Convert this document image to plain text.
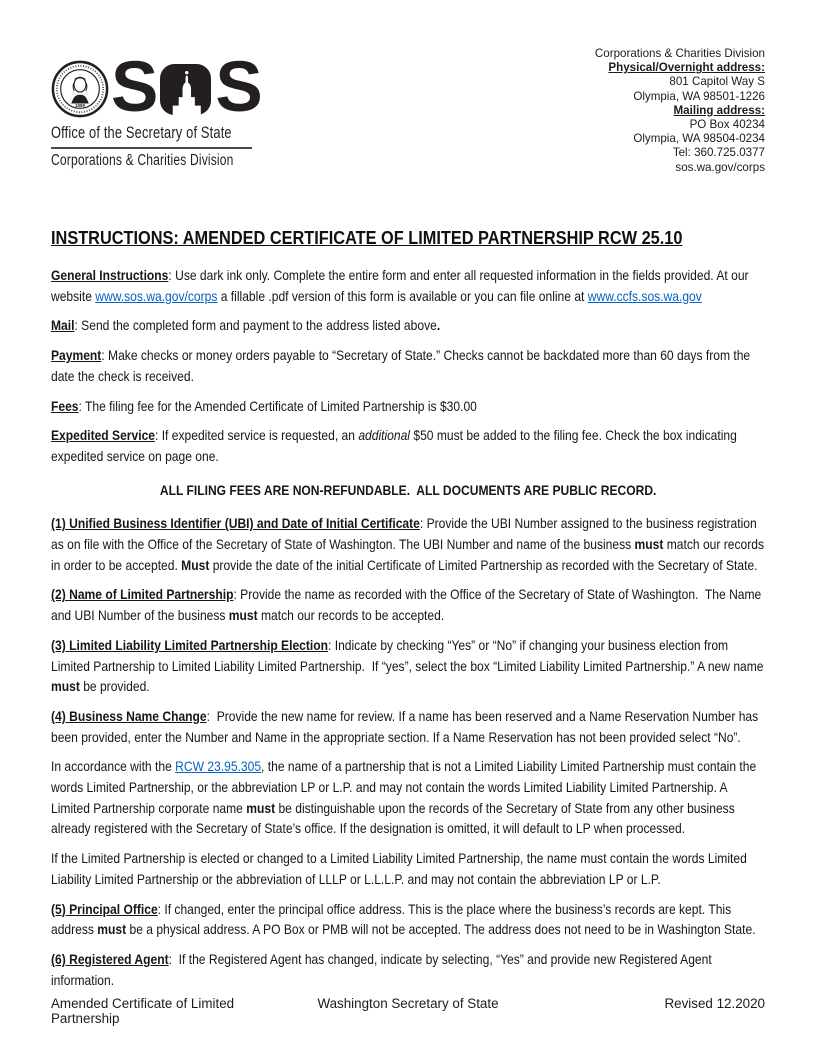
1889 S S
Office of the Secretary of State
Corporations & Charities Division
Corporations & Charities Division
Physical/Overnight address:
801 Capitol Way S
Olympia, WA 98501-1226
Mailing address:
PO Box 40234
Olympia, WA 98504-0234
Tel: 360.725.0377
sos.wa.gov/corps
INSTRUCTIONS: AMENDED CERTIFICATE OF LIMITED PARTNERSHIP RCW 25.10

General Instructions: Use dark ink only. Complete the entire form and enter all requested information in the fields provided. At our website www.sos.wa.gov/corps a fillable .pdf version of this form is available or you can file online at www.ccfs.sos.wa.gov

Mail: Send the completed form and payment to the address listed above.

Payment: Make checks or money orders payable to “Secretary of State.” Checks cannot be backdated more than 60 days from the date the check is received.

Fees: The filing fee for the Amended Certificate of Limited Partnership is $30.00

Expedited Service: If expedited service is requested, an additional $50 must be added to the filing fee. Check the box indicating expedited service on page one.

ALL FILING FEES ARE NON-REFUNDABLE.  ALL DOCUMENTS ARE PUBLIC RECORD.

(1) Unified Business Identifier (UBI) and Date of Initial Certificate: Provide the UBI Number assigned to the business registration as on file with the Office of the Secretary of State of Washington. The UBI Number and name of the business must match our records in order to be accepted. Must provide the date of the initial Certificate of Limited Partnership as recorded with the Secretary of State.

(2) Name of Limited Partnership: Provide the name as recorded with the Office of the Secretary of State of Washington.  The Name and UBI Number of the business must match our records to be accepted.

(3) Limited Liability Limited Partnership Election: Indicate by checking “Yes” or “No” if changing your business election from Limited Partnership to Limited Liability Limited Partnership.  If “yes”, select the box “Limited Liability Limited Partnership.” A new name must be provided.

(4) Business Name Change:  Provide the new name for review. If a name has been reserved and a Name Reservation Number has been provided, enter the Number and Name in the appropriate section. If a Name Reservation has not been provided select “No”.

In accordance with the RCW 23.95.305, the name of a partnership that is not a Limited Liability Limited Partnership must contain the words Limited Partnership, or the abbreviation LP or L.P. and may not contain the words Limited Liability Limited Partnership. A Limited Partnership corporate name must be distinguishable upon the records of the Secretary of State from any other business already registered with the Secretary of State’s office. If the designation is omitted, it will default to LP when processed.

If the Limited Partnership is elected or changed to a Limited Liability Limited Partnership, the name must contain the words Limited Liability Limited Partnership or the abbreviation of LLLP or L.L.L.P. and may not contain the abbreviation LP or L.P.

(5) Principal Office: If changed, enter the principal office address. This is the place where the business’s records are kept. This address must be a physical address. A PO Box or PMB will not be accepted. The address does not need to be in Washington State.

(6) Registered Agent:  If the Registered Agent has changed, indicate by selecting, “Yes” and provide new Registered Agent information.

Amended Certificate of Limited Partnership
Washington Secretary of State	Revised 12.2020
